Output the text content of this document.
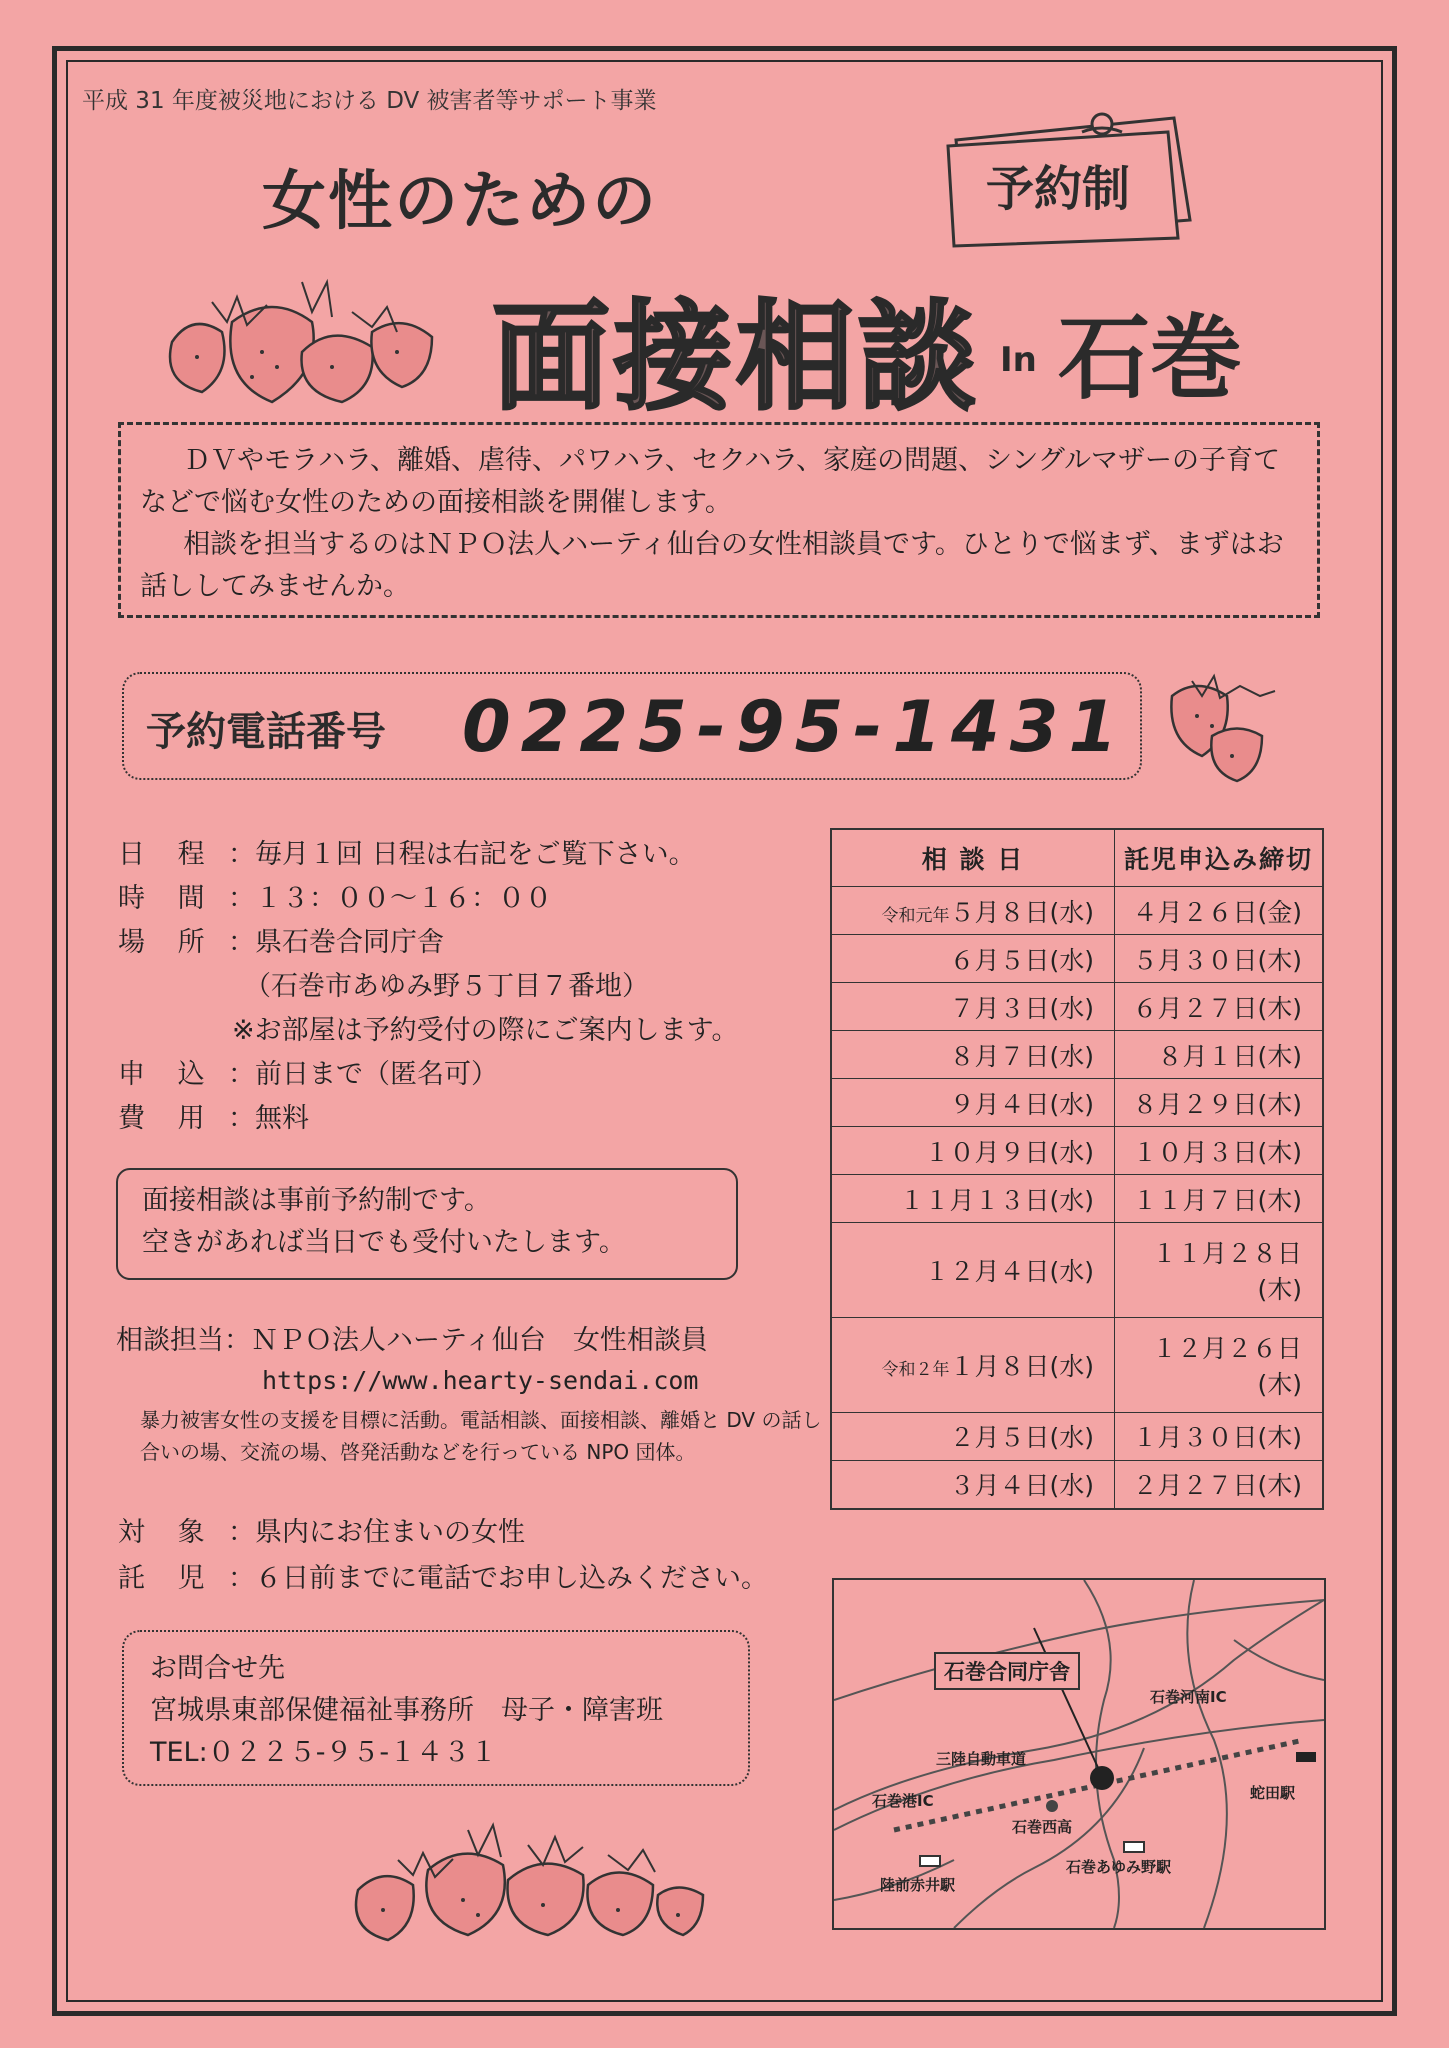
平成 31 年度被災地における DV 被害者等サポート事業
女性のための	予約制
面接相談 In 石巻

ＤＶやモラハラ、離婚、虐待、パワハラ、セクハラ、家庭の問題、シングルマザーの子育てなどで悩む女性のための面接相談を開催します。

相談を担当するのはＮＰＯ法人ハーティ仙台の女性相談員です。ひとりで悩まず、まずはお話ししてみませんか。

予約電話番号 0225-95-1431
日 程 ：毎月１回 日程は右記をご覧下さい。
時 間 ：１３：００～１６：００
場 所 ：県石巻合同庁舎
（石巻市あゆみ野５丁目７番地）
※お部屋は予約受付の際にご案内します。
申 込 ：前日まで（匿名可）
費 用 ：無料
面接相談は事前予約制です。
空きがあれば当日でも受付いたします。
相談担当：ＮＰＯ法人ハーティ仙台　女性相談員
https://www.hearty-sendai.com
暴力被害女性の支援を目標に活動。電話相談、面接相談、離婚と DV の話し合いの場、交流の場、啓発活動などを行っている NPO 団体。
対 象 ：県内にお住まいの女性
託 児 ：６日前までに電話でお申し込みください。
お問合せ先
宮城県東部保健福祉事務所　母子・障害班
TEL:０２２５-９５-１４３１
相 談 日	託児申込み締切
令和元年５月８日(水)	４月２６日(金)
６月５日(水)	５月３０日(木)
７月３日(水)	６月２７日(木)
８月７日(水)	８月１日(木)
９月４日(水)	８月２９日(木)
１０月９日(水)	１０月３日(木)
１１月１３日(水)	１１月７日(木)
１２月４日(水)	１１月２８日(木)
令和２年１月８日(水)	１２月２６日(木)
２月５日(水)	１月３０日(木)
３月４日(水)	２月２７日(木)
石巻合同庁舎
石巻河南IC
三陸自動車道
石巻港IC
石巻西高
蛇田駅
石巻あゆみ野駅
陸前赤井駅
